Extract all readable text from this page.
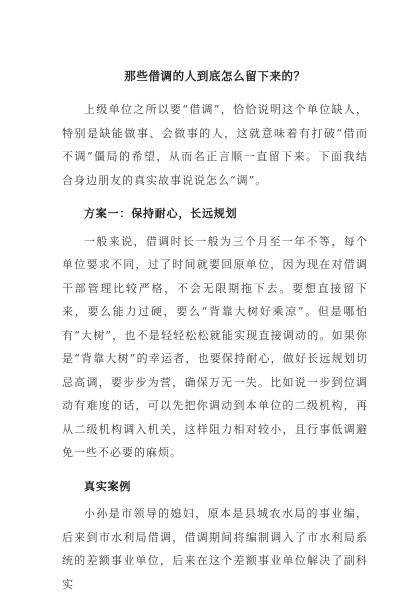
那些借调的人到底怎么留下来的？

上级单位之所以要“借调”，恰恰说明这个单位缺人，特别是缺能做事、会做事的人，这就意味着有打破“借而不调”僵局的希望，从而名正言顺一直留下来。下面我结合身边朋友的真实故事说说怎么“调”。

方案一：保持耐心，长远规划

一般来说，借调时长一般为三个月至一年不等，每个单位要求不同，过了时间就要回原单位，因为现在对借调干部管理比较严格，不会无限期拖下去。要想直接留下来，要么能力过硬，要么“背靠大树好乘凉”。但是哪怕有“大树”，也不是轻轻松松就能实现直接调动的。如果你是“背靠大树”的幸运者，也要保持耐心，做好长远规划切忌高调，要步步为营，确保万无一失。比如说一步到位调动有难度的话，可以先把你调动到本单位的二级机构，再从二级机构调入机关，这样阻力相对较小，且行事低调避免一些不必要的麻烦。

真实案例

小孙是市领导的媳妇，原本是县城农水局的事业编，后来到市水利局借调，借调期间将编制调入了市水利局系统的差额事业单位，后来在这个差额事业单位解决了副科实
